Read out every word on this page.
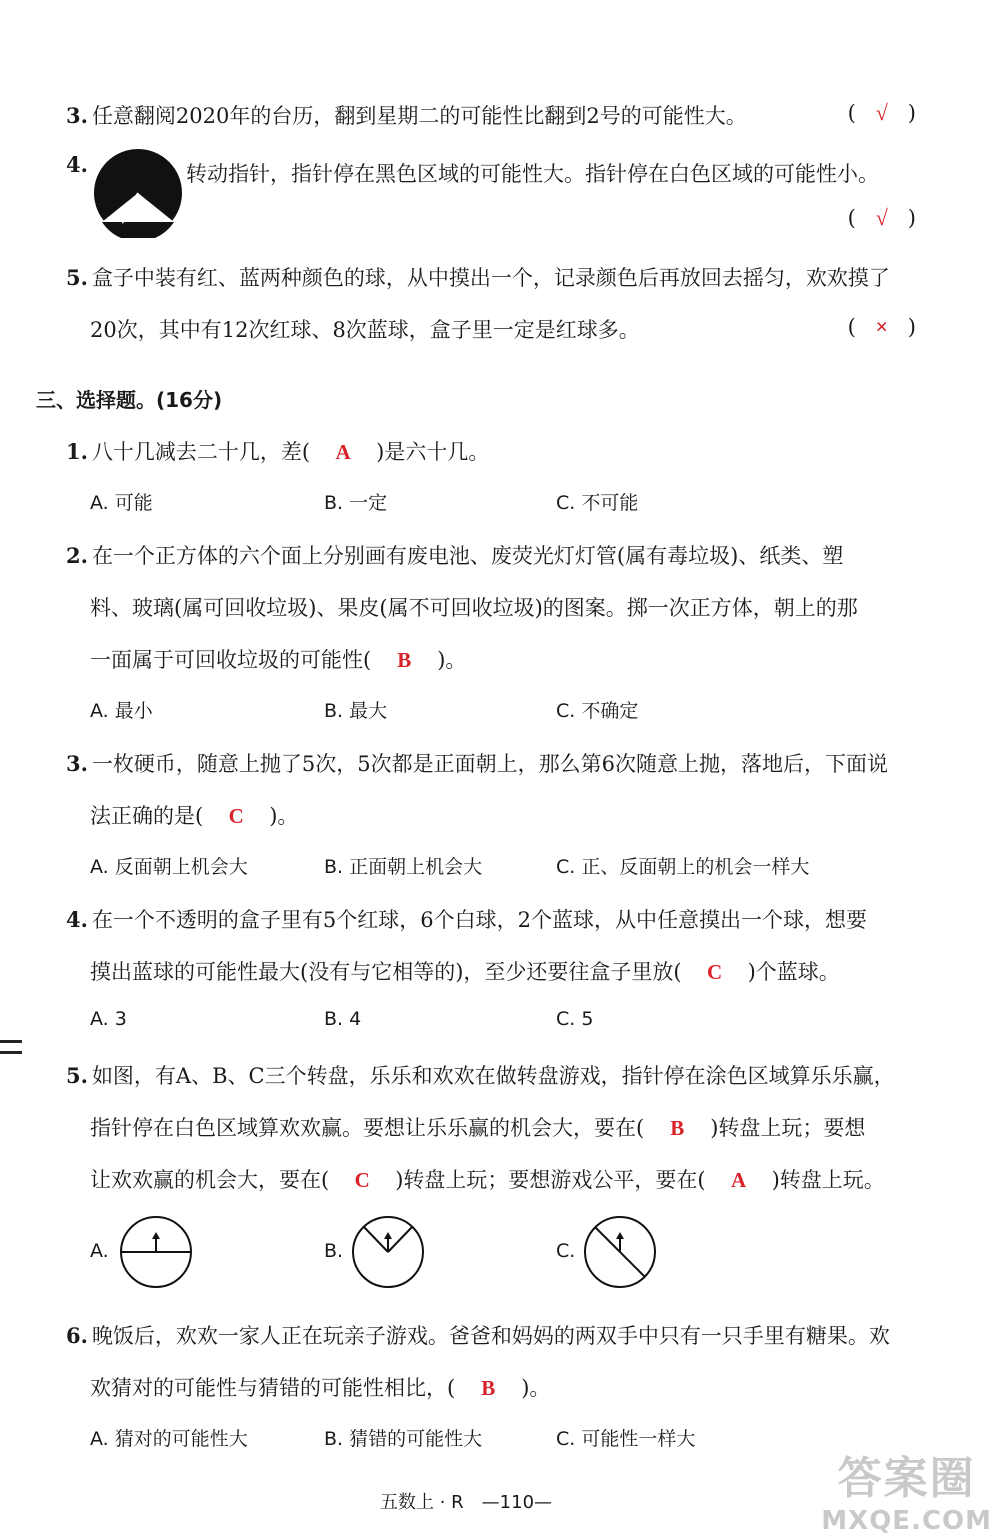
3. 任意翻阅2020年的台历，翻到星期二的可能性比翻到2号的可能性大。	( √ )
4.	转动指针，指针停在黑色区域的可能性大。指针停在白色区域的可能性小。
( √ )
5. 盒子中装有红、蓝两种颜色的球，从中摸出一个，记录颜色后再放回去摇匀，欢欢摸了
20次，其中有12次红球、8次蓝球，盒子里一定是红球多。	( × )
三、选择题。(16分)
1. 八十几减去二十几，差( A )是六十几。
A. 可能	B. 一定	C. 不可能
2. 在一个正方体的六个面上分别画有废电池、废荧光灯灯管(属有毒垃圾)、纸类、塑
料、玻璃(属可回收垃圾)、果皮(属不可回收垃圾)的图案。掷一次正方体，朝上的那
一面属于可回收垃圾的可能性( B )。
A. 最小	B. 最大	C. 不确定
3. 一枚硬币，随意上抛了5次，5次都是正面朝上，那么第6次随意上抛，落地后，下面说
法正确的是( C )。
A. 反面朝上机会大	B. 正面朝上机会大	C. 正、反面朝上的机会一样大
4. 在一个不透明的盒子里有5个红球，6个白球，2个蓝球，从中任意摸出一个球，想要
摸出蓝球的可能性最大(没有与它相等的)，至少还要往盒子里放( C )个蓝球。
A. 3	B. 4	C. 5
5. 如图，有A、B、C三个转盘，乐乐和欢欢在做转盘游戏，指针停在涂色区域算乐乐赢，
指针停在白色区域算欢欢赢。要想让乐乐赢的机会大，要在( B )转盘上玩；要想
让欢欢赢的机会大，要在( C )转盘上玩；要想游戏公平，要在( A )转盘上玩。
A.	B.	C.
6. 晚饭后，欢欢一家人正在玩亲子游戏。爸爸和妈妈的两双手中只有一只手里有糖果。欢
欢猜对的可能性与猜错的可能性相比，( B )。
A. 猜对的可能性大	B. 猜错的可能性大	C. 可能性一样大
五数上 · R　—110—	答案圈
MXQE.COM
